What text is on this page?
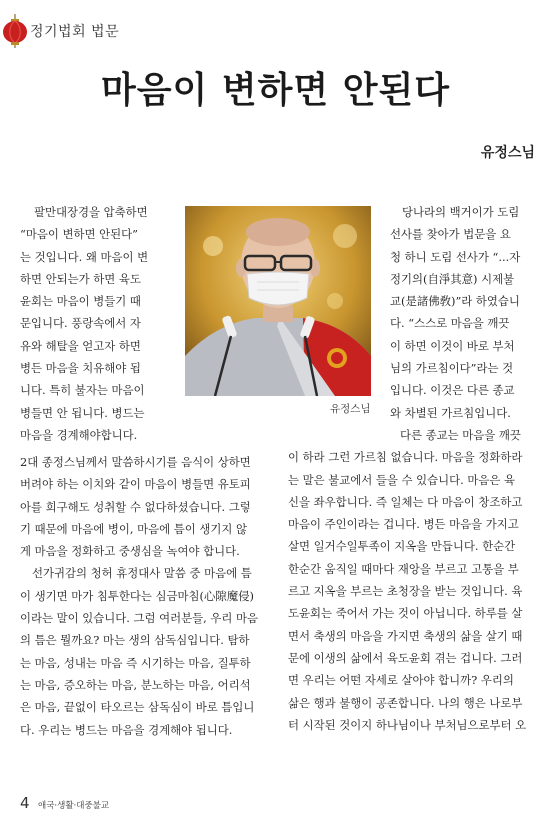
정기법회 법문
마음이 변하면 안된다
유정스님
팔만대장경을 압축하면
“마음이 변하면 안된다”
는 것입니다. 왜 마음이 변
하면 안되는가 하면 육도
윤회는 마음이 병들기 때
문입니다. 풍랑속에서 자
유와 해탈을 얻고자 하면
병든 마음을 치유해야 됩
니다. 특히 불자는 마음이
병들면 안 됩니다. 병드는
마음을 경계해야합니다.
2대 종정스님께서 말씀하시기를 음식이 상하면
버려야 하는 이치와 같이 마음이 병들면 유토피
아를 희구해도 성취할 수 없다하셨습니다. 그렇
기 때문에 마음에 병이, 마음에 틈이 생기지 않
게 마음을 정화하고 중생심을 녹여야 합니다.
선가귀감의 청허 휴정대사 말씀 중 마음에 틈
이 생기면 마가 침투한다는 심금마침(心隙魔侵)
이라는 말이 있습니다. 그럼 여러분들, 우리 마음
의 틈은 뭘까요? 마는 생의 삼독심입니다. 탐하
는 마음, 성내는 마음 즉 시기하는 마음, 질투하
는 마음, 증오하는 마음, 분노하는 마음, 어리석
은 마음, 끝없이 타오르는 삼독심이 바로 틈입니
다. 우리는 병드는 마음을 경계해야 됩니다.
유정스님
당나라의 백거이가 도림
선사를 찾아가 법문을 요
청 하니 도림 선사가 “...자
정기의(自淨其意) 시제불
교(是諸佛敎)”라 하였습니
다. “스스로 마음을 깨끗
이 하면 이것이 바로 부처
님의 가르침이다”라는 것
입니다. 이것은 다른 종교
와 차별된 가르침입니다.
다른 종교는 마음을 깨끗
이 하라 그런 가르침 없습니다. 마음을 정화하라
는 말은 불교에서 들을 수 있습니다. 마음은 육
신을 좌우합니다. 즉 일체는 다 마음이 창조하고
마음이 주인이라는 겁니다. 병든 마음을 가지고
살면 일거수일투족이 지옥을 만듭니다. 한순간
한순간 움직일 때마다 재앙을 부르고 고통을 부
르고 지옥을 부르는 초청장을 받는 것입니다. 육
도윤회는 죽어서 가는 것이 아닙니다. 하루를 살
면서 축생의 마음을 가지면 축생의 삶을 살기 때
문에 이생의 삶에서 육도윤회 겪는 겁니다. 그러
면 우리는 어떤 자세로 살아야 합니까? 우리의
삶은 행과 불행이 공존합니다. 나의 행은 나로부
터 시작된 것이지 하나님이나 부처님으로부터 오
4 애국·생활·대중불교
